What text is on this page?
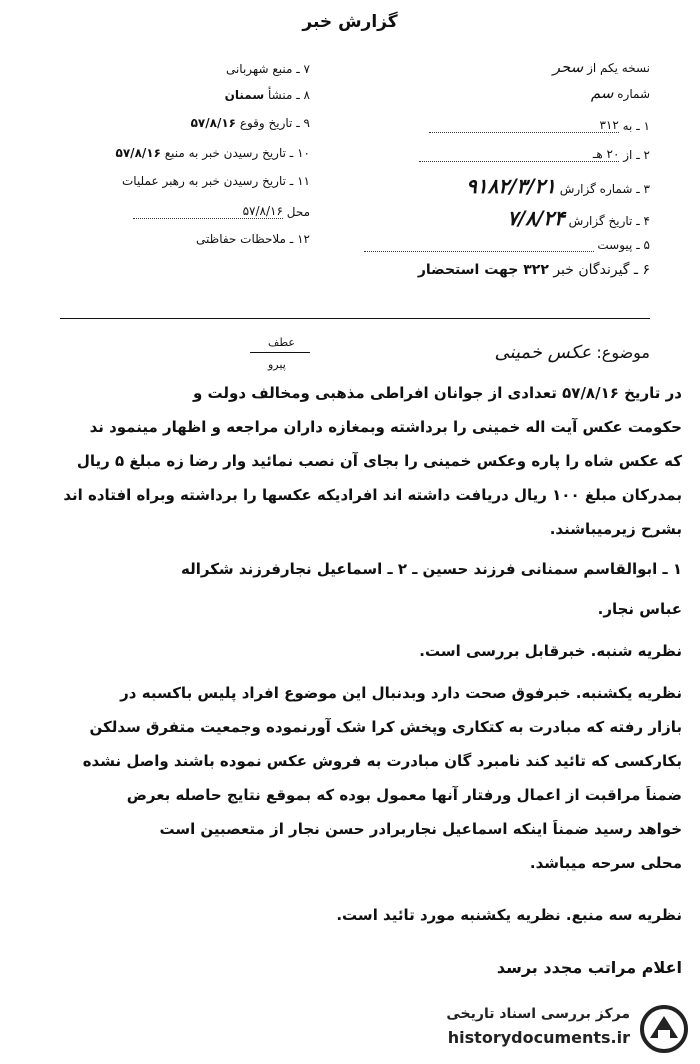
گزارش خبر
نسخه یکم از سحر
شماره سم
۱ ـ به ۳۱۲
۲ ـ از ۲۰ هـ
۳ ـ شماره گزارش ۹۱۸۲/۳/۲۱
۴ ـ تاریخ گزارش ۷/۸/۲۴
۵ ـ پیوست
۶ ـ گیرندگان خبر ۳۲۲ جهت استحضار
۷ ـ منبع شهربانی
۸ ـ منشأ سمنان
۹ ـ تاریخ وقوع ۵۷/۸/۱۶
۱۰ ـ تاریخ رسیدن خبر به منبع ۵۷/۸/۱۶
۱۱ ـ تاریخ رسیدن خبر به رهبر عملیات
محل ۵۷/۸/۱۶
۱۲ ـ ملاحظات حفاظتی
عطف
پیرو
موضوع: عکس خمینی
در تاریخ ۵۷/۸/۱۶ تعدادی از جوانان افراطی مذهبی ومخالف دولت و
حکومت عکس آیت اله خمینی را برداشته وبمغازه داران مراجعه و اظهار مینمود ند
که عکس شاه را پاره وعکس خمینی را بجای آن نصب نمائید وار رضا زه مبلغ ۵ ریال
بمدرکان مبلغ ۱۰۰ ریال دریافت داشته اند افرادیکه عکسها را برداشته وبراه افتاده اند
بشرح زیرمیباشند.
۱ ـ ابوالقاسم سمنانی فرزند حسین ـ ۲ ـ اسماعیل نجارفرزند شکراله
عباس نجار.
نظریه شنبه. خبرقابل بررسی است.
نظریه یکشنبه. خبرفوق صحت دارد وبدنبال این موضوع افراد پلیس باکسبه در
بازار رفته که مبادرت به کتکاری وپخش کرا شک آورنموده وجمعیت متفرق سدلکن
بکارکسی که تائید کند نامبرد گان مبادرت به فروش عکس نموده باشند واصل نشده
ضمناً مراقبت از اعمال ورفتار آنها معمول بوده که بموقع نتایج حاصله بعرض
خواهد رسید ضمناً اینکه اسماعیل نجاربرادر حسن نجار از متعصبین است
محلی سرحه میباشد.
نظریه سه منبع. نظریه یکشنبه مورد تائید است.
اعلام مراتب مجدد برسد
مرکز بررسی اسناد تاریخی
historydocuments.ir
